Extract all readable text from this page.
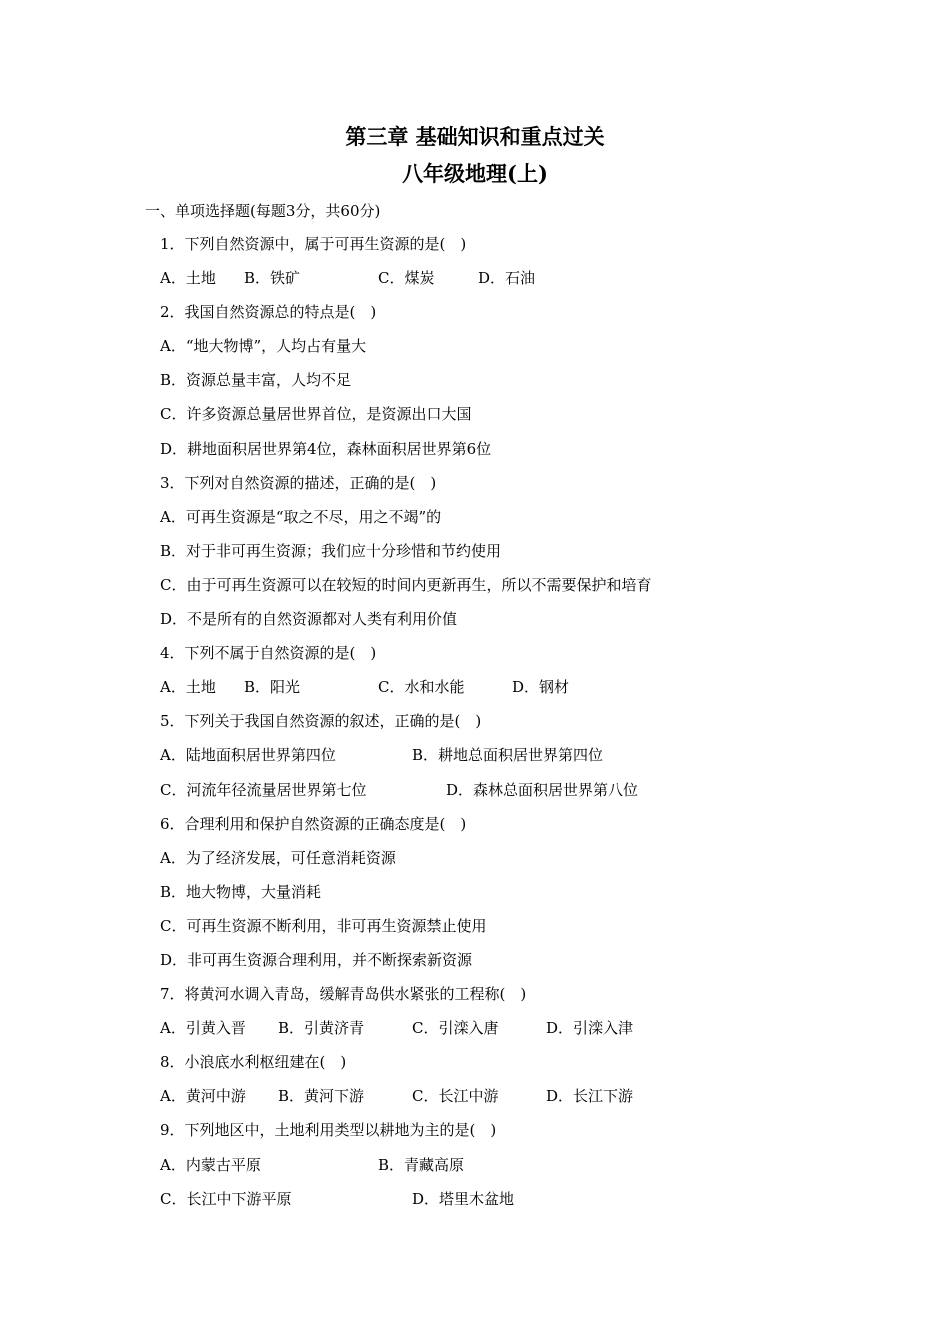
第三章 基础知识和重点过关
八年级地理(上)
一、单项选择题(每题3分，共60分)
1．下列自然资源中，属于可再生资源的是(　)
A．土地 B．铁矿	C．煤炭	D．石油
2．我国自然资源总的特点是(　)
A．“地大物博”，人均占有量大
B．资源总量丰富，人均不足
C．许多资源总量居世界首位，是资源出口大国
D．耕地面积居世界第4位，森林面积居世界第6位
3．下列对自然资源的描述，正确的是(　)
A．可再生资源是“取之不尽，用之不竭”的
B．对于非可再生资源；我们应十分珍惜和节约使用
C．由于可再生资源可以在较短的时间内更新再生，所以不需要保护和培育
D．不是所有的自然资源都对人类有利用价值
4．下列不属于自然资源的是(　)
A．土地 B．阳光	C．水和水能	D．钢材
5．下列关于我国自然资源的叙述，正确的是(　)
A．陆地面积居世界第四位	B．耕地总面积居世界第四位
C．河流年径流量居世界第七位	D．森林总面积居世界第八位
6．合理利用和保护自然资源的正确态度是(　)
A．为了经济发展，可任意消耗资源
B．地大物博，大量消耗
C．可再生资源不断利用，非可再生资源禁止使用
D．非可再生资源合理利用，并不断探索新资源
7．将黄河水调入青岛，缓解青岛供水紧张的工程称(　)
A．引黄入晋 B．引黄济青	C．引滦入唐	D．引滦入津
8．小浪底水利枢纽建在(　)
A．黄河中游 B．黄河下游	C．长江中游	D．长江下游
9．下列地区中，土地利用类型以耕地为主的是(　)
A．内蒙古平原	B．青藏高原
C．长江中下游平原	D．塔里木盆地
